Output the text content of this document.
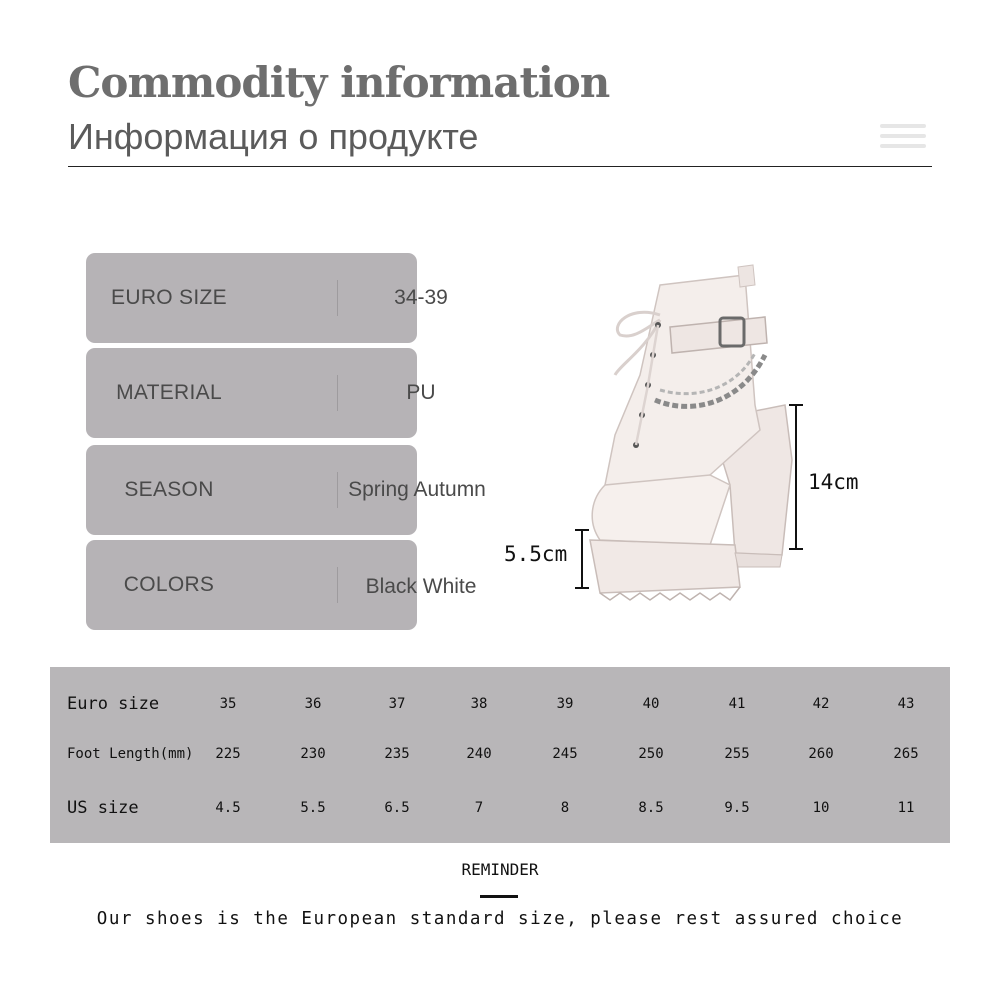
Commodity information
Информация о продукте
EURO SIZE	34-39
MATERIAL	PU
SEASON	Spring Autumn
COLORS	Black White
14cm
5.5cm
Euro size	35	36	37	38	39	40	41	42	43
Foot Length(mm)	225	230	235	240	245	250	255	260	265
US size	4.5	5.5	6.5	7	8	8.5	9.5	10	11
REMINDER
Our shoes is the European standard size, please rest assured choice
